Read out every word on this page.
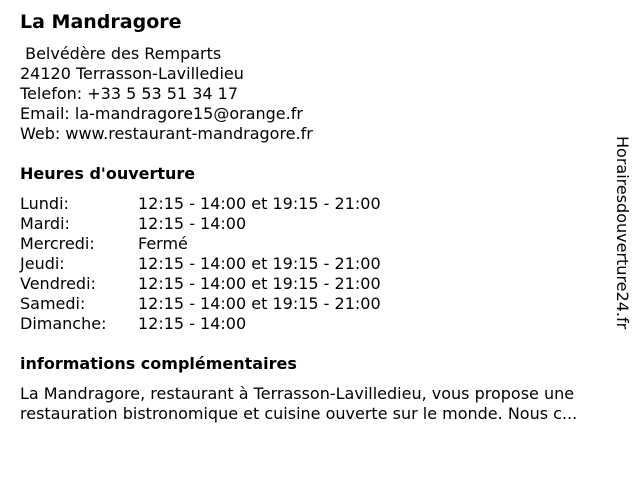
La Mandragore
Belvédère des Remparts
24120 Terrasson-Lavilledieu
Telefon: +33 5 53 51 34 17
Email: la-mandragore15@orange.fr
Web: www.restaurant-mandragore.fr
Heures d'ouverture
Lundi:	12:15 - 14:00 et 19:15 - 21:00
Mardi:	12:15 - 14:00
Mercredi:	Fermé
Jeudi:	12:15 - 14:00 et 19:15 - 21:00
Vendredi:	12:15 - 14:00 et 19:15 - 21:00
Samedi:	12:15 - 14:00 et 19:15 - 21:00
Dimanche: 12:15 - 14:00
informations complémentaires
La Mandragore, restaurant à Terrasson-Lavilledieu, vous propose une
restauration bistronomique et cuisine ouverte sur le monde. Nous c...
Horairesdouverture24.fr
